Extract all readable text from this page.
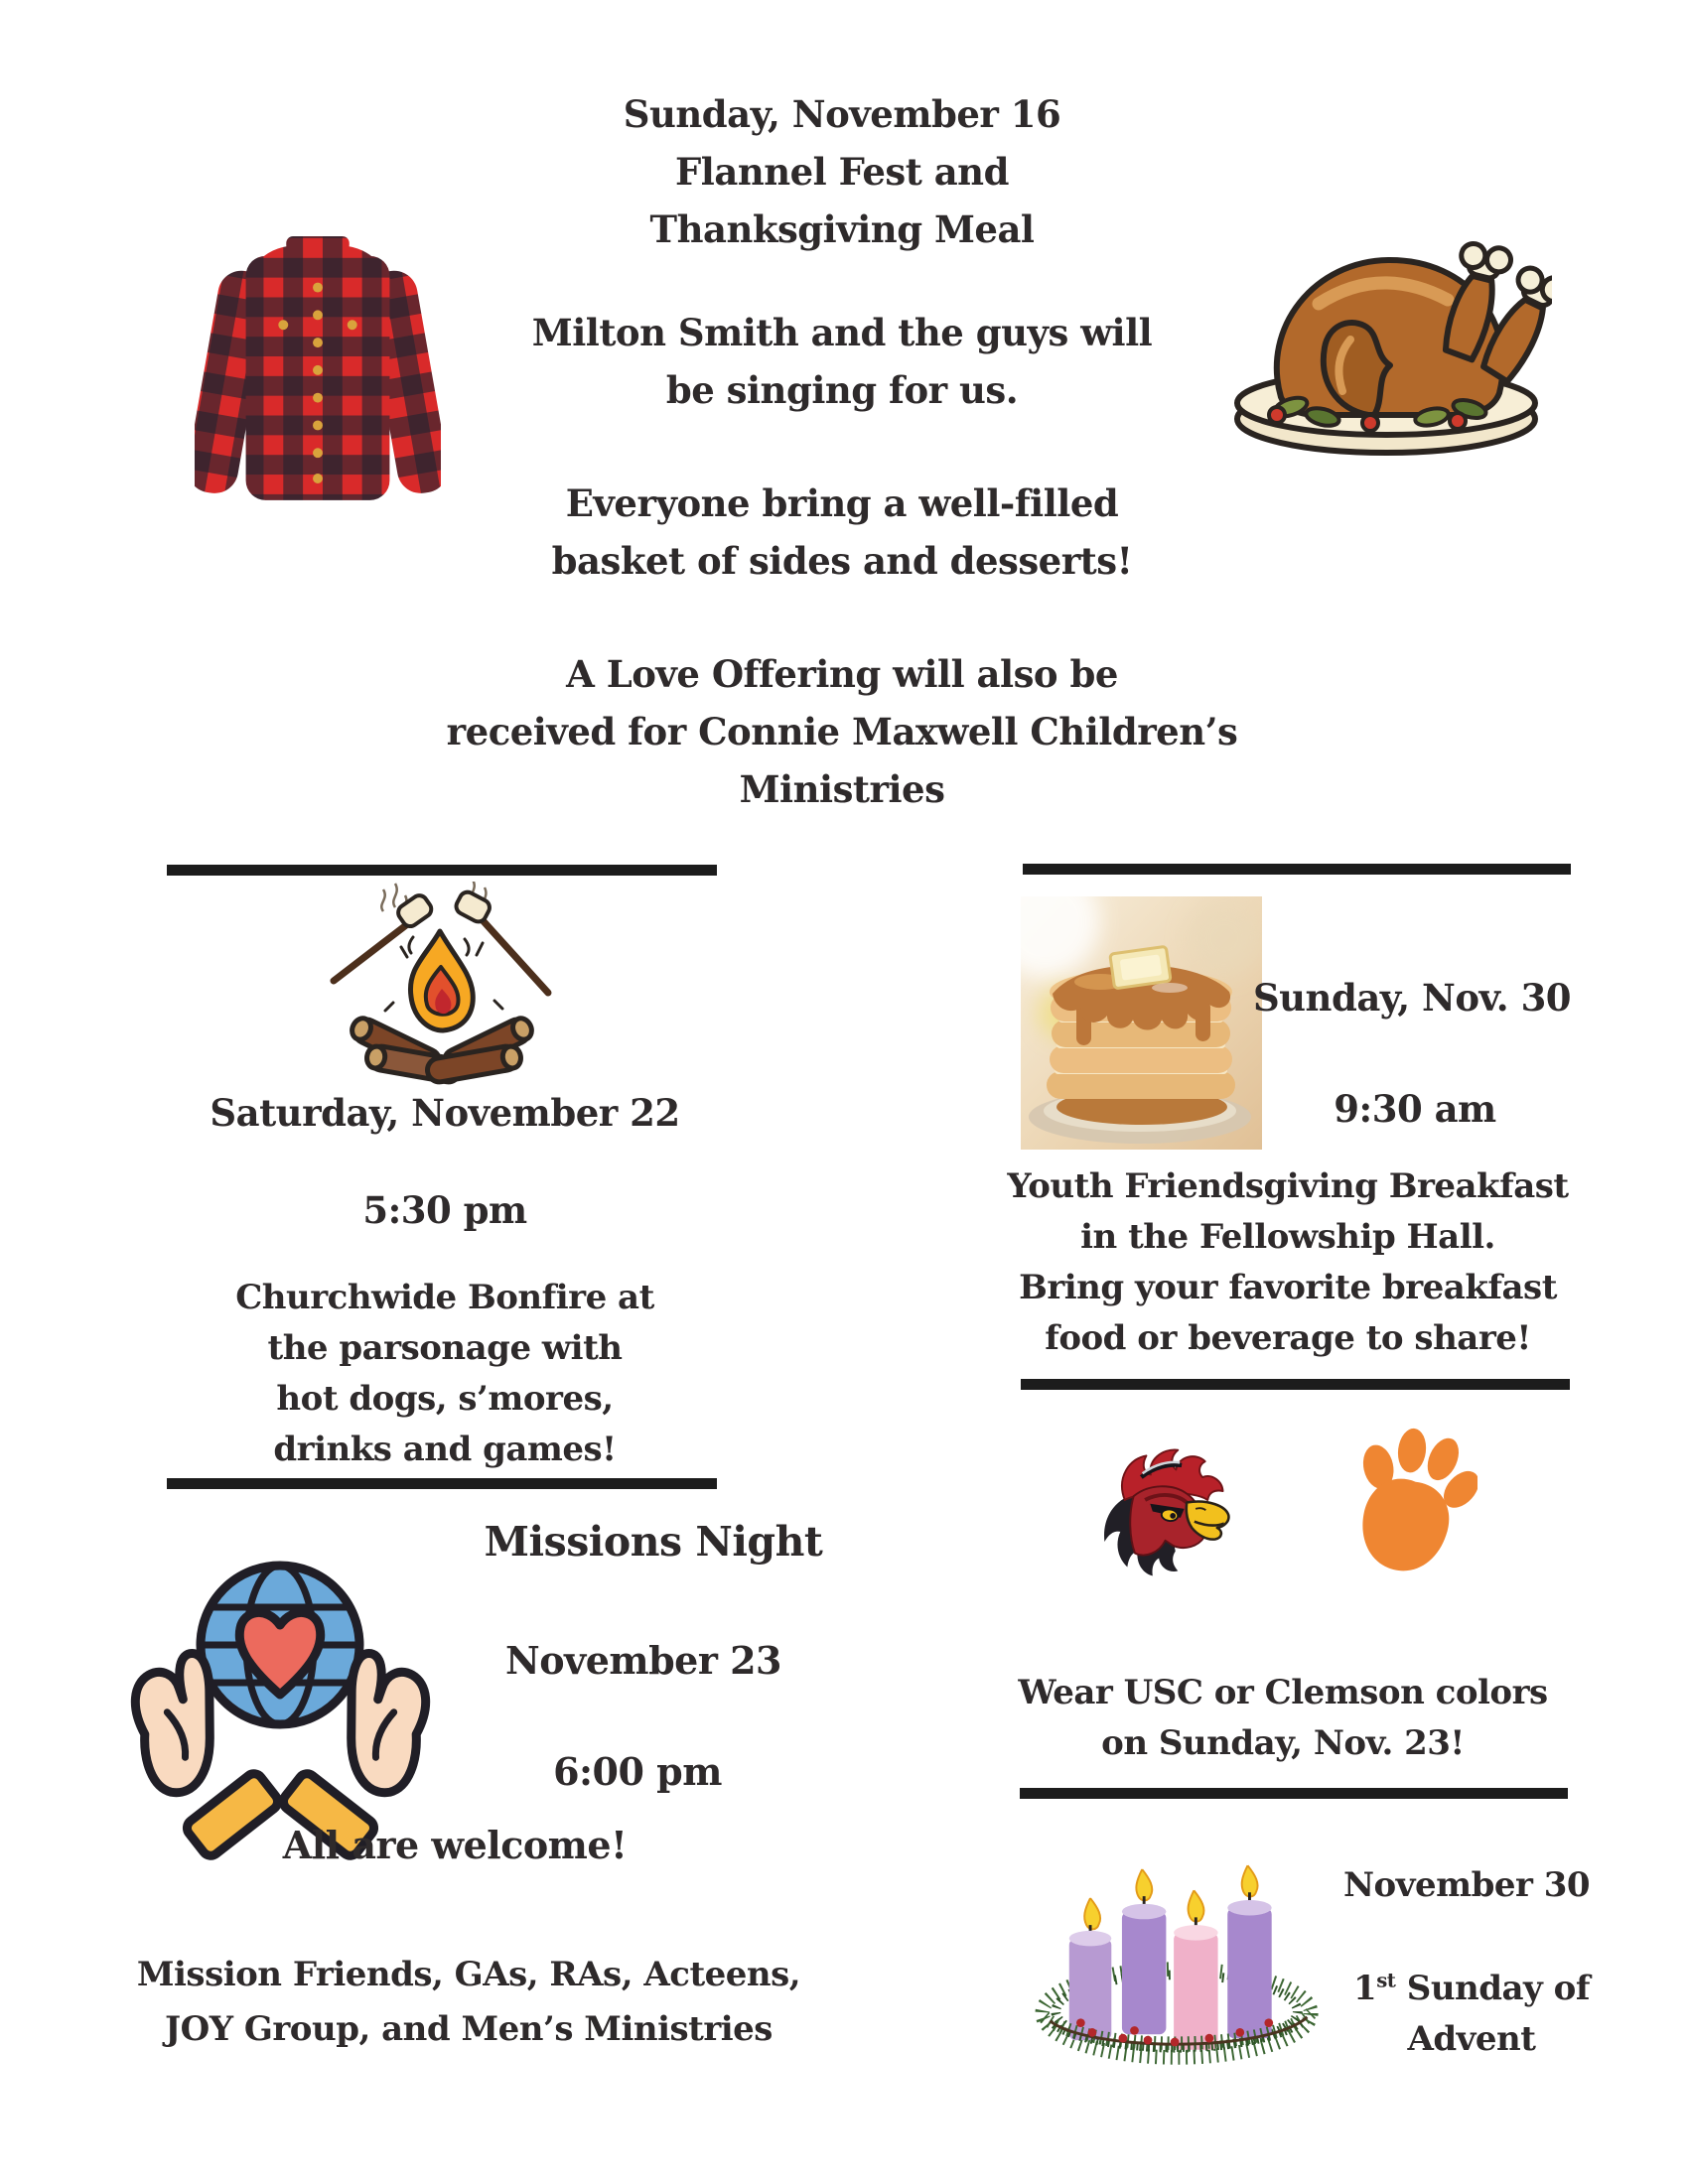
Sunday, November 16
Flannel Fest and
Thanksgiving Meal
Milton Smith and the guys will
be singing for us.
Everyone bring a well-filled
basket of sides and desserts!
A Love Offering will also be
received for Connie Maxwell Children’s
Ministries
Saturday, November 22
5:30 pm
Churchwide Bonfire at
the parsonage with
hot dogs, s’mores,
drinks and games!
Missions Night
November 23
6:00 pm
All are welcome!
Mission Friends, GAs, RAs, Acteens,
JOY Group, and Men’s Ministries
Sunday, Nov. 30
9:30 am
Youth Friendsgiving Breakfast
in the Fellowship Hall.
Bring your favorite breakfast
food or beverage to share!
Wear USC or Clemson colors
on Sunday, Nov. 23!
November 30
1st Sunday of
Advent
